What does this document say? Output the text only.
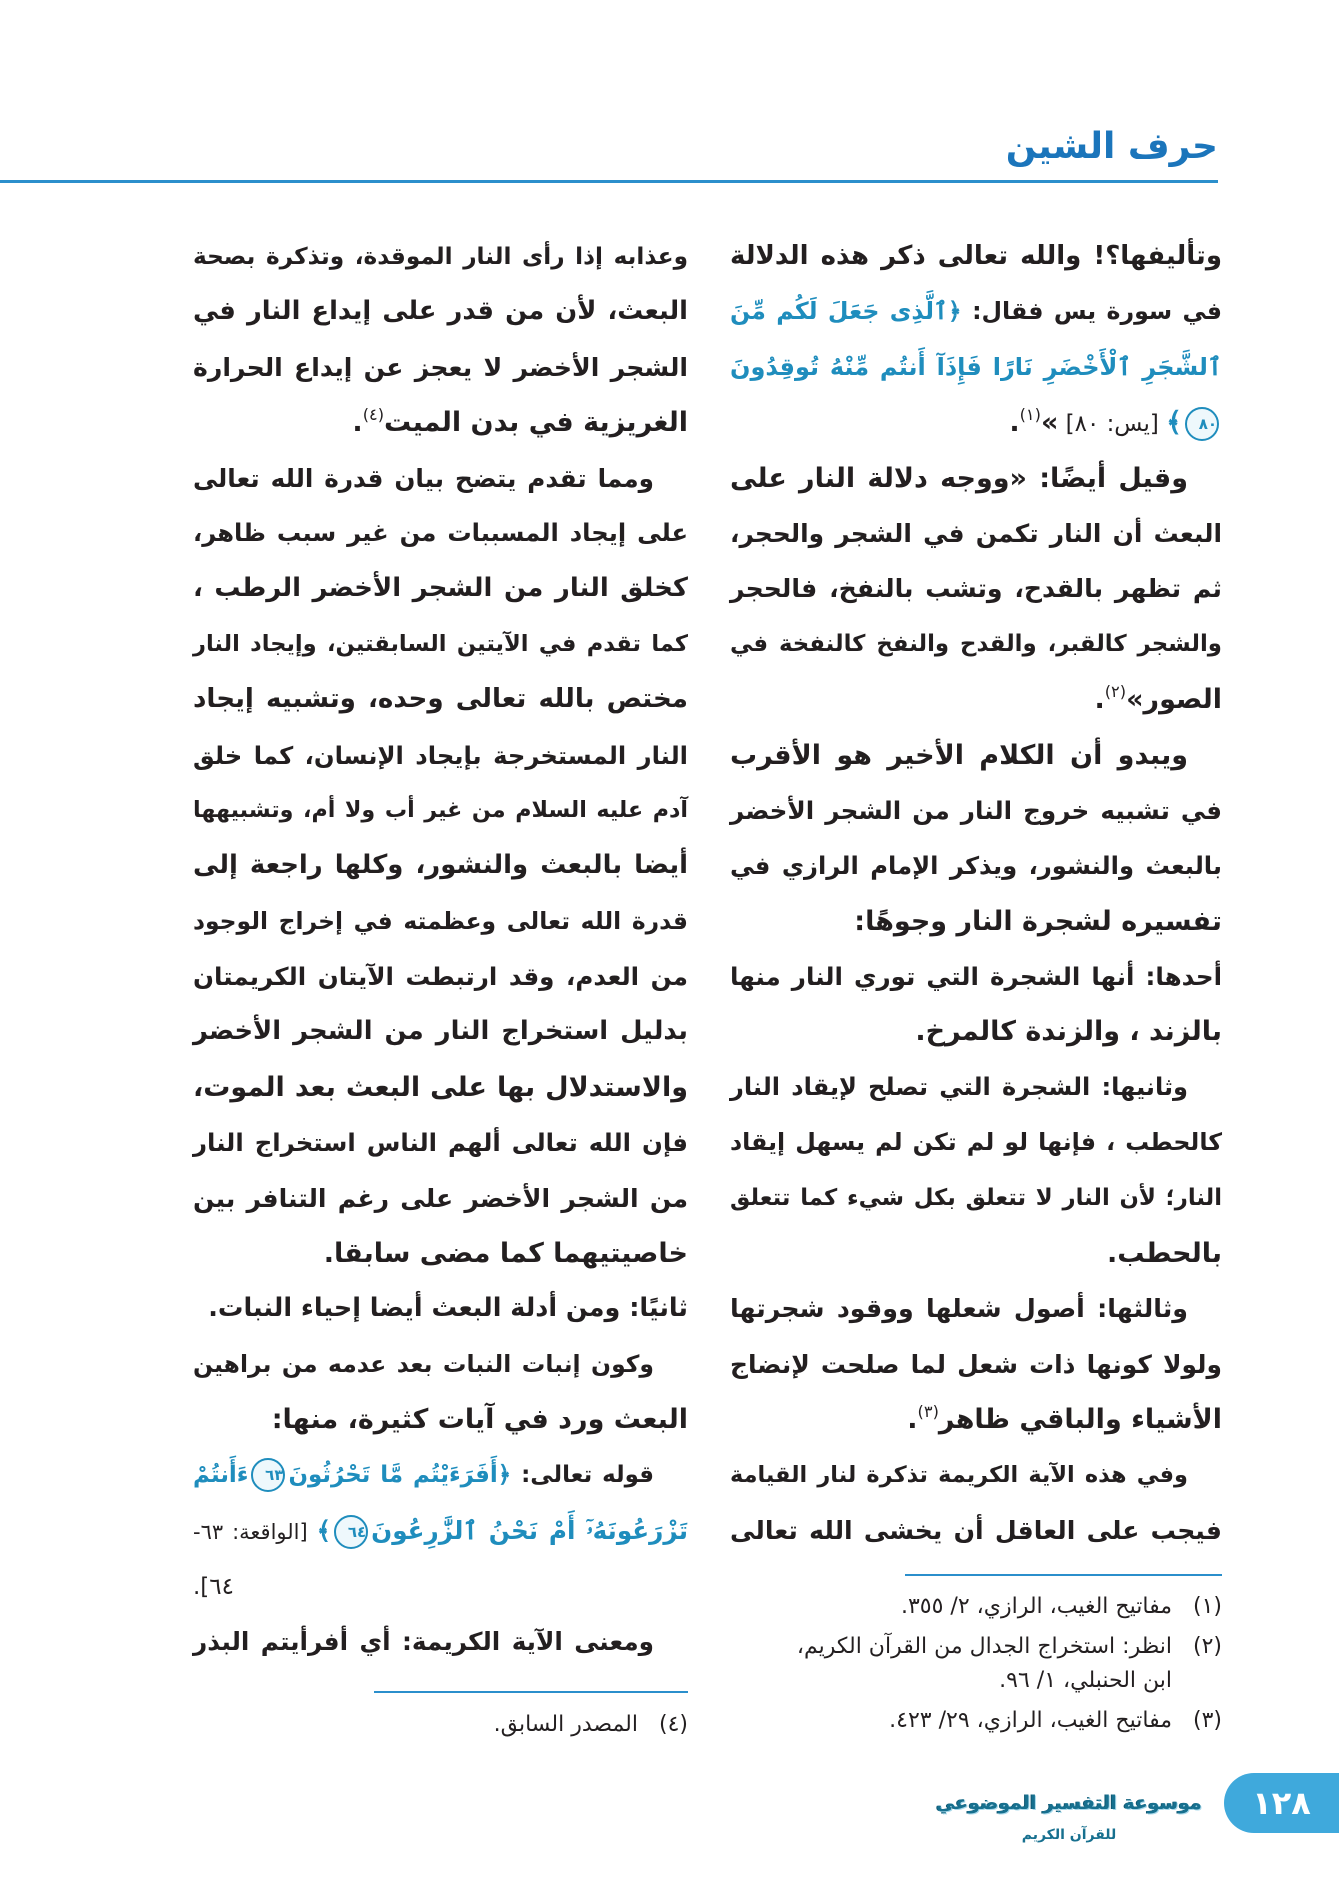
حرف الشين
وتأليفها؟! والله تعالى ذكر هذه الدلالة
في سورة يس فقال: ﴿ٱلَّذِى جَعَلَ لَكُم مِّنَ
ٱلشَّجَرِ ٱلْأَخْضَرِ نَارًا فَإِذَآ أَنتُم مِّنْهُ تُوقِدُونَ
٨٠﴾ [يس: ٨٠] »$^{(١)}$.
وقيل أيضًا: «ووجه دلالة النار على
البعث أن النار تكمن في الشجر والحجر،
ثم تظهر بالقدح، وتشب بالنفخ، فالحجر
والشجر كالقبر، والقدح والنفخ كالنفخة في
الصور»$^{(٢)}$.
ويبدو أن الكلام الأخير هو الأقرب
في تشبيه خروج النار من الشجر الأخضر
بالبعث والنشور، ويذكر الإمام الرازي في
تفسيره لشجرة النار وجوهًا:
أحدها: أنها الشجرة التي توري النار منها
بالزند ، والزندة كالمرخ.
وثانيها: الشجرة التي تصلح لإيقاد النار
كالحطب ، فإنها لو لم تكن لم يسهل إيقاد
النار؛ لأن النار لا تتعلق بكل شيء كما تتعلق
بالحطب.
وثالثها: أصول شعلها ووقود شجرتها
ولولا كونها ذات شعل لما صلحت لإنضاج
الأشياء والباقي ظاهر$^{(٣)}$.
وفي هذه الآية الكريمة تذكرة لنار القيامة
فيجب على العاقل أن يخشى الله تعالى
وعذابه إذا رأى النار الموقدة، وتذكرة بصحة
البعث، لأن من قدر على إيداع النار في
الشجر الأخضر لا يعجز عن إيداع الحرارة
الغريزية في بدن الميت$^{(٤)}$.
ومما تقدم يتضح بيان قدرة الله تعالى
على إيجاد المسببات من غير سبب ظاهر،
كخلق النار من الشجر الأخضر الرطب ،
كما تقدم في الآيتين السابقتين، وإيجاد النار
مختص بالله تعالى وحده، وتشبيه إيجاد
النار المستخرجة بإيجاد الإنسان، كما خلق
آدم عليه السلام من غير أب ولا أم، وتشبيهها
أيضا بالبعث والنشور، وكلها راجعة إلى
قدرة الله تعالى وعظمته في إخراج الوجود
من العدم، وقد ارتبطت الآيتان الكريمتان
بدليل استخراج النار من الشجر الأخضر
والاستدلال بها على البعث بعد الموت،
فإن الله تعالى ألهم الناس استخراج النار
من الشجر الأخضر على رغم التنافر بين
خاصيتيهما كما مضى سابقا.
ثانيًا: ومن أدلة البعث أيضا إحياء النبات.
وكون إنبات النبات بعد عدمه من براهين
البعث ورد في آيات كثيرة، منها:
قوله تعالى: ﴿أَفَرَءَيْتُم مَّا تَحْرُثُونَ٦٣ءَأَنتُمْ
تَزْرَعُونَهُۥٓ أَمْ نَحْنُ ٱلزَّٰرِعُونَ٦٤﴾ [الواقعة: ٦٣-
٦٤].
ومعنى الآية الكريمة: أي أفرأيتم البذر
(١)
مفاتيح الغيب، الرازي، ٢/ ٣٥٥.
(٢)
انظر: استخراج الجدال من القرآن الكريم،
ابن الحنبلي، ١/ ٩٦.
(٣)
مفاتيح الغيب، الرازي، ٢٩/ ٤٢٣.
(٤)
المصدر السابق.
موسوعة التفسير الموضوعي
للقرآن الكريم
١٢٨
